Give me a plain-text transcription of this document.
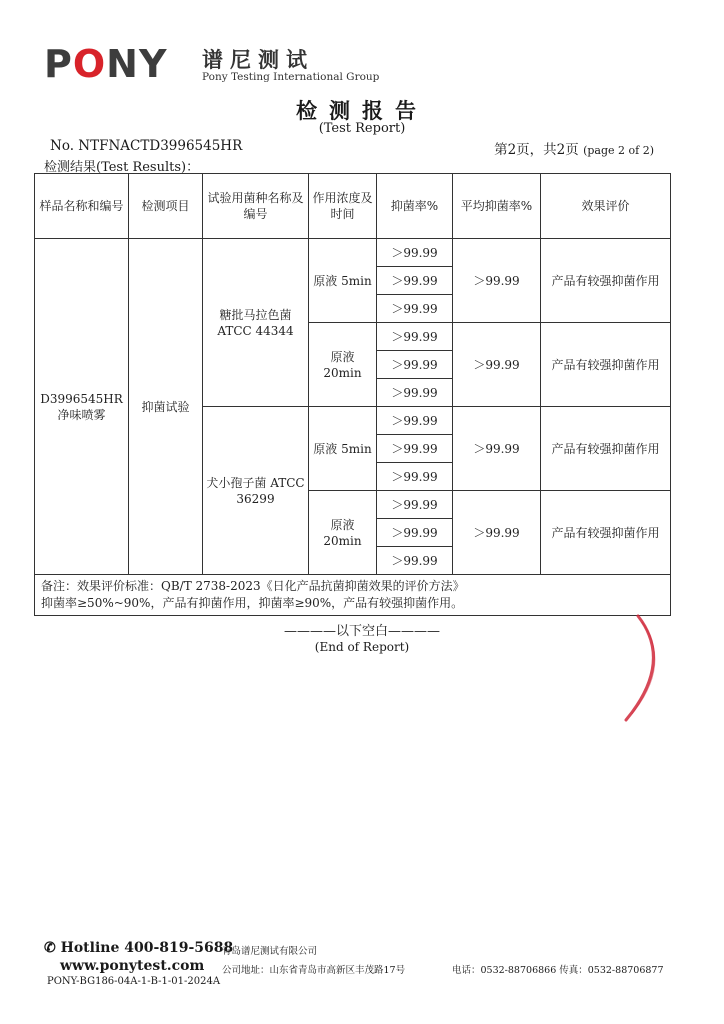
P O NY 谱尼测试
Pony Testing International Group
检测报告
(Test Report)
No. NTFNACTD3996545HR	第2页，共2页 (page 2 of 2)
检测结果(Test Results)：
样品名称和编号	检测项目	试验用菌种名称及编号	作用浓度及时间	抑菌率%	平均抑菌率%	效果评价
D3996545HR 净味喷雾	抑菌试验	糖批马拉色菌 ATCC 44344	原液 5min	＞99.99	＞99.99	产品有较强抑菌作用
				＞99.99		
				＞99.99		
			原液 20min	＞99.99	＞99.99	产品有较强抑菌作用
				＞99.99		
				＞99.99		
		犬小孢子菌 ATCC 36299	原液 5min	＞99.99	＞99.99	产品有较强抑菌作用
				＞99.99		
				＞99.99		
			原液 20min	＞99.99	＞99.99	产品有较强抑菌作用
				＞99.99		
				＞99.99		

备注：效果评价标准：QB/T 2738-2023《日化产品抗菌抑菌效果的评价方法》
抑菌率≥50%~90%，产品有抑菌作用，抑菌率≥90%，产品有较强抑菌作用。						
————以下空白————
(End of Report)
✆ Hotline 400-819-5688
www.ponytest.com
PONY-BG186-04A-1-B-1-01-2024A
青岛谱尼测试有限公司
公司地址：山东省青岛市高新区丰茂路17号	电话：0532-88706866 传真：0532-88706877
